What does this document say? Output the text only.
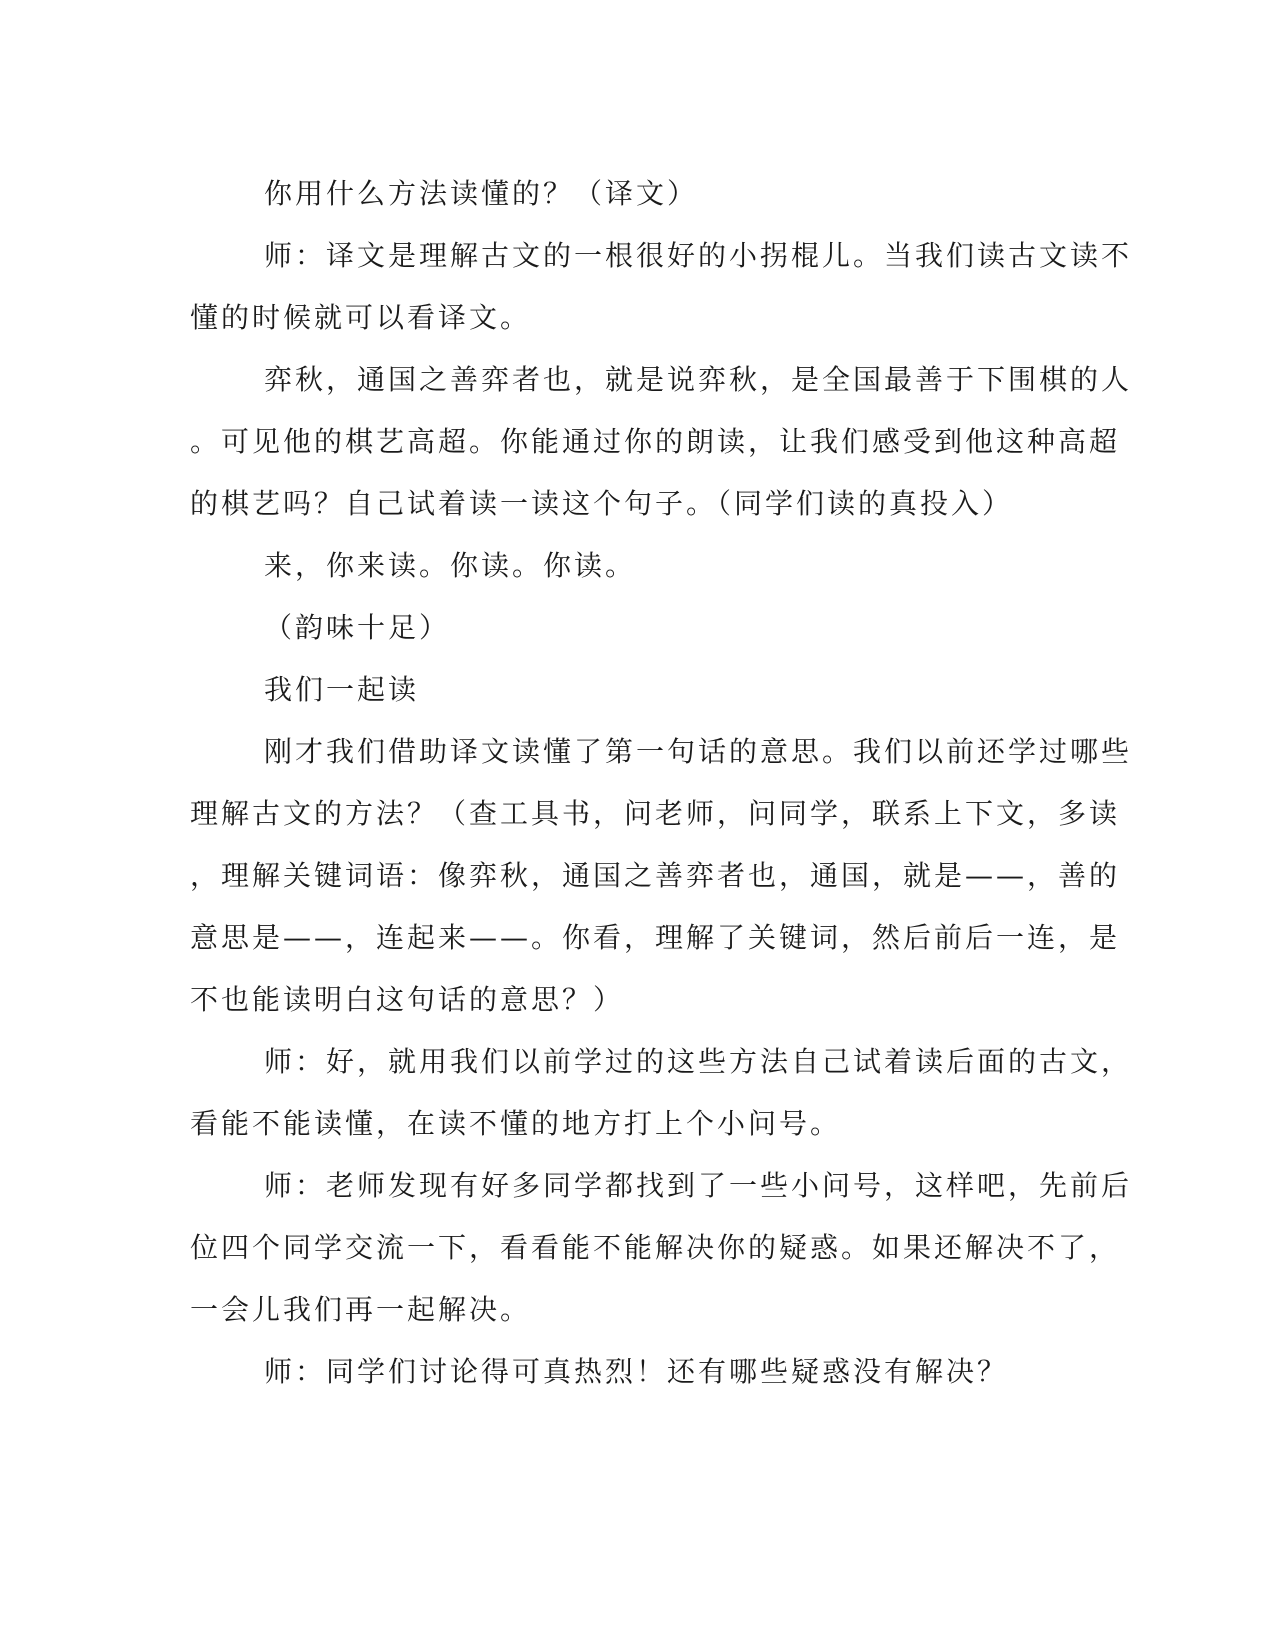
你用什么方法读懂的？（译文）

师：译文是理解古文的一根很好的小拐棍儿。当我们读古文读不
懂的时候就可以看译文。

弈秋，通国之善弈者也，就是说弈秋，是全国最善于下围棋的人
。可见他的棋艺高超。你能通过你的朗读，让我们感受到他这种高超
的棋艺吗？自己试着读一读这个句子。（同学们读的真投入）

来，你来读。你读。你读。

（韵味十足）

我们一起读

刚才我们借助译文读懂了第一句话的意思。我们以前还学过哪些
理解古文的方法？（查工具书，问老师，问同学，联系上下文，多读
，理解关键词语：像弈秋，通国之善弈者也，通国，就是——，善的
意思是——，连起来——。你看，理解了关键词，然后前后一连，是
不也能读明白这句话的意思？）

师：好，就用我们以前学过的这些方法自己试着读后面的古文，
看能不能读懂，在读不懂的地方打上个小问号。

师：老师发现有好多同学都找到了一些小问号，这样吧，先前后
位四个同学交流一下，看看能不能解决你的疑惑。如果还解决不了，
一会儿我们再一起解决。

师：同学们讨论得可真热烈！还有哪些疑惑没有解决？
